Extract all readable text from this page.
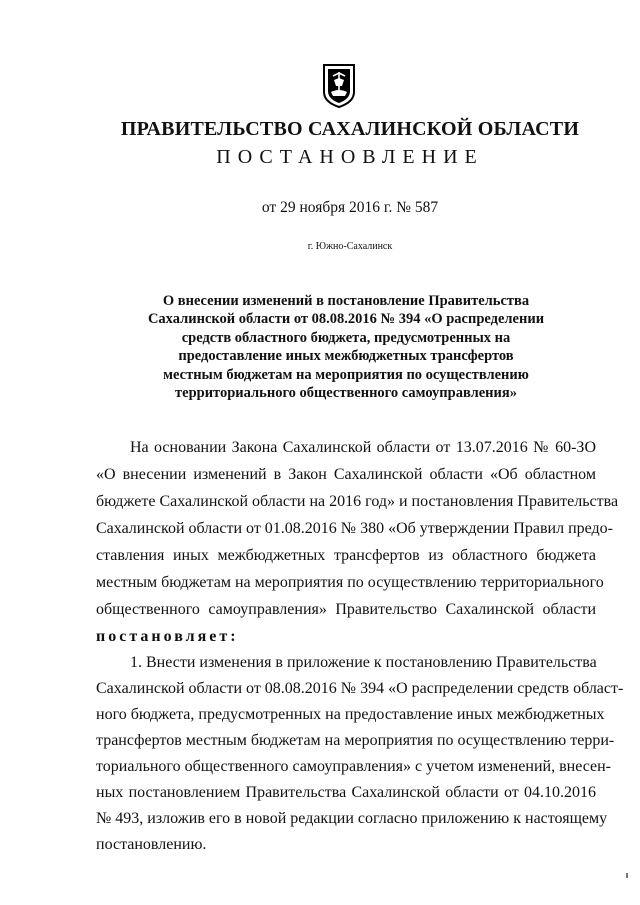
ПРАВИТЕЛЬСТВО САХАЛИНСКОЙ ОБЛАСТИ
ПОСТАНОВЛЕНИЕ
от 29 ноября 2016 г. № 587
г. Южно-Сахалинск
О внесении изменений в постановление Правительства
Сахалинской области от 08.08.2016 № 394 «О распределении
средств областного бюджета, предусмотренных на
предоставление иных межбюджетных трансфертов
местным бюджетам на мероприятия по осуществлению
территориального общественного самоуправления»
На основании Закона Сахалинской области от 13.07.2016 № 60-ЗО
«О внесении изменений в Закон Сахалинской области «Об областном
бюджете Сахалинской области на 2016 год» и постановления Правительства
Сахалинской области от 01.08.2016 № 380 «Об утверждении Правил предо-
ставления иных межбюджетных трансфертов из областного бюджета
местным бюджетам на мероприятия по осуществлению территориального
общественного самоуправления» Правительство Сахалинской области
постановляет:
1. Внести изменения в приложение к постановлению Правительства
Сахалинской области от 08.08.2016 № 394 «О распределении средств област-
ного бюджета, предусмотренных на предоставление иных межбюджетных
трансфертов местным бюджетам на мероприятия по осуществлению терри-
ториального общественного самоуправления» с учетом изменений, внесен-
ных постановлением Правительства Сахалинской области от 04.10.2016
№ 493, изложив его в новой редакции согласно приложению к настоящему
постановлению.
